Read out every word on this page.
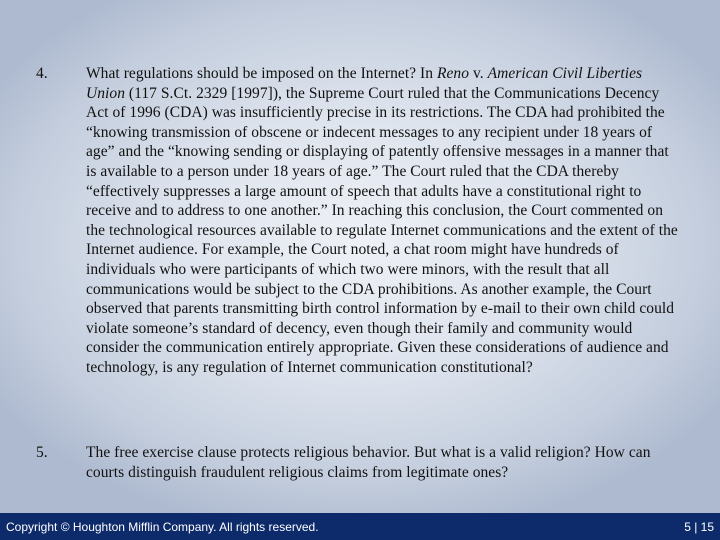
4.	What regulations should be imposed on the Internet? In Reno v. American Civil Liberties Union (117 S.Ct. 2329 [1997]), the Supreme Court ruled that the Communications Decency Act of 1996 (CDA) was insufficiently precise in its restrictions. The CDA had prohibited the “knowing transmission of obscene or indecent messages to any recipient under 18 years of age” and the “knowing sending or displaying of patently offensive messages in a manner that is available to a person under 18 years of age.” The Court ruled that the CDA thereby “effectively suppresses a large amount of speech that adults have a constitutional right to receive and to address to one another.” In reaching this conclusion, the Court commented on the technological resources available to regulate Internet communications and the extent of the Internet audience. For example, the Court noted, a chat room might have hundreds of individuals who were participants of which two were minors, with the result that all communications would be subject to the CDA prohibitions. As another example, the Court observed that parents transmitting birth control information by e-mail to their own child could violate someone’s standard of decency, even though their family and community would consider the communication entirely appropriate. Given these considerations of audience and technology, is any regulation of Internet communication constitutional?
5.	The free exercise clause protects religious behavior. But what is a valid religion? How can courts distinguish fraudulent religious claims from legitimate ones?
Copyright © Houghton Mifflin Company. All rights reserved.	5 | 15
